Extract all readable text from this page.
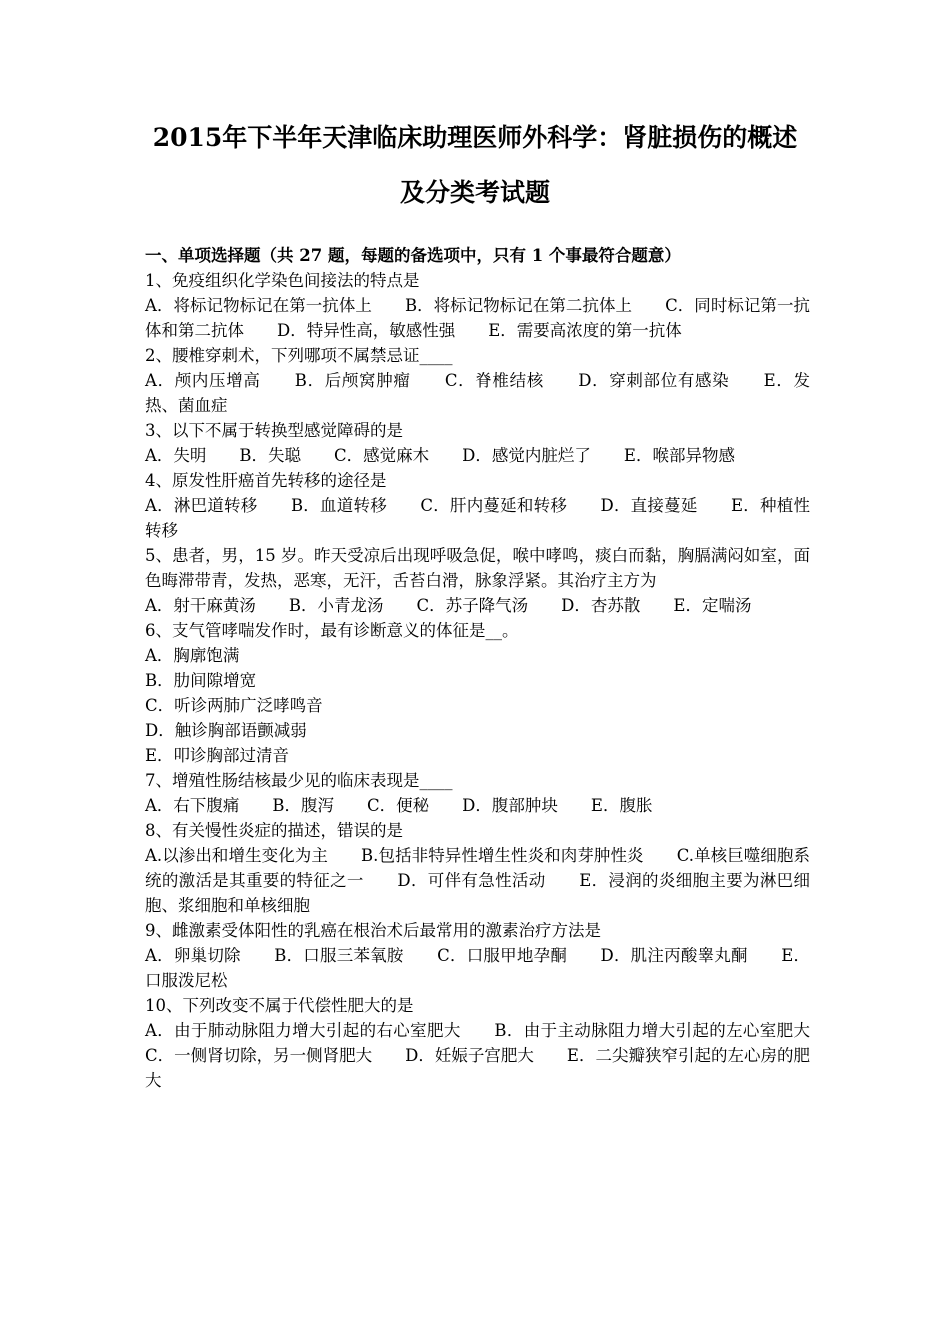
2015年下半年天津临床助理医师外科学：肾脏损伤的概述
及分类考试题
一、单项选择题（共 27 题，每题的备选项中，只有 1 个事最符合题意）
1、免疫组织化学染色间接法的特点是
A．将标记物标记在第一抗体上　　B．将标记物标记在第二抗体上　　C．同时标记第一抗体和第二抗体　　D．特异性高，敏感性强　　E．需要高浓度的第一抗体
2、腰椎穿刺术，下列哪项不属禁忌证____
A．颅内压增高　　B．后颅窝肿瘤　　C．脊椎结核　　D．穿刺部位有感染　　E．发热、菌血症
3、以下不属于转换型感觉障碍的是
A．失明　　B．失聪　　C．感觉麻木　　D．感觉内脏烂了　　E．喉部异物感
4、原发性肝癌首先转移的途径是
A．淋巴道转移　　B．血道转移　　C．肝内蔓延和转移　　D．直接蔓延　　E．种植性转移
5、患者，男，15 岁。昨天受凉后出现呼吸急促，喉中哮鸣，痰白而黏，胸膈满闷如室，面色晦滞带青，发热，恶寒，无汗，舌苔白滑，脉象浮紧。其治疗主方为
A．射干麻黄汤　　B．小青龙汤　　C．苏子降气汤　　D．杏苏散　　E．定喘汤
6、支气管哮喘发作时，最有诊断意义的体征是__。
A．胸廓饱满
B．肋间隙增宽
C．听诊两肺广泛哮鸣音
D．触诊胸部语颤减弱
E．叩诊胸部过清音
7、增殖性肠结核最少见的临床表现是____
A．右下腹痛　　B．腹泻　　C．便秘　　D．腹部肿块　　E．腹胀
8、有关慢性炎症的描述，错误的是
A.以渗出和增生变化为主　　B.包括非特异性增生性炎和肉芽肿性炎　　C.单核巨噬细胞系统的激活是其重要的特征之一　　D．可伴有急性活动　　E．浸润的炎细胞主要为淋巴细胞、浆细胞和单核细胞
9、雌激素受体阳性的乳癌在根治术后最常用的激素治疗方法是
A．卵巢切除　　B．口服三苯氧胺　　C．口服甲地孕酮　　D．肌注丙酸睾丸酮　　E．口服泼尼松
10、下列改变不属于代偿性肥大的是
A．由于肺动脉阻力增大引起的右心室肥大　　B．由于主动脉阻力增大引起的左心室肥大　　C．一侧肾切除，另一侧肾肥大　　D．妊娠子宫肥大　　E．二尖瓣狭窄引起的左心房的肥大
